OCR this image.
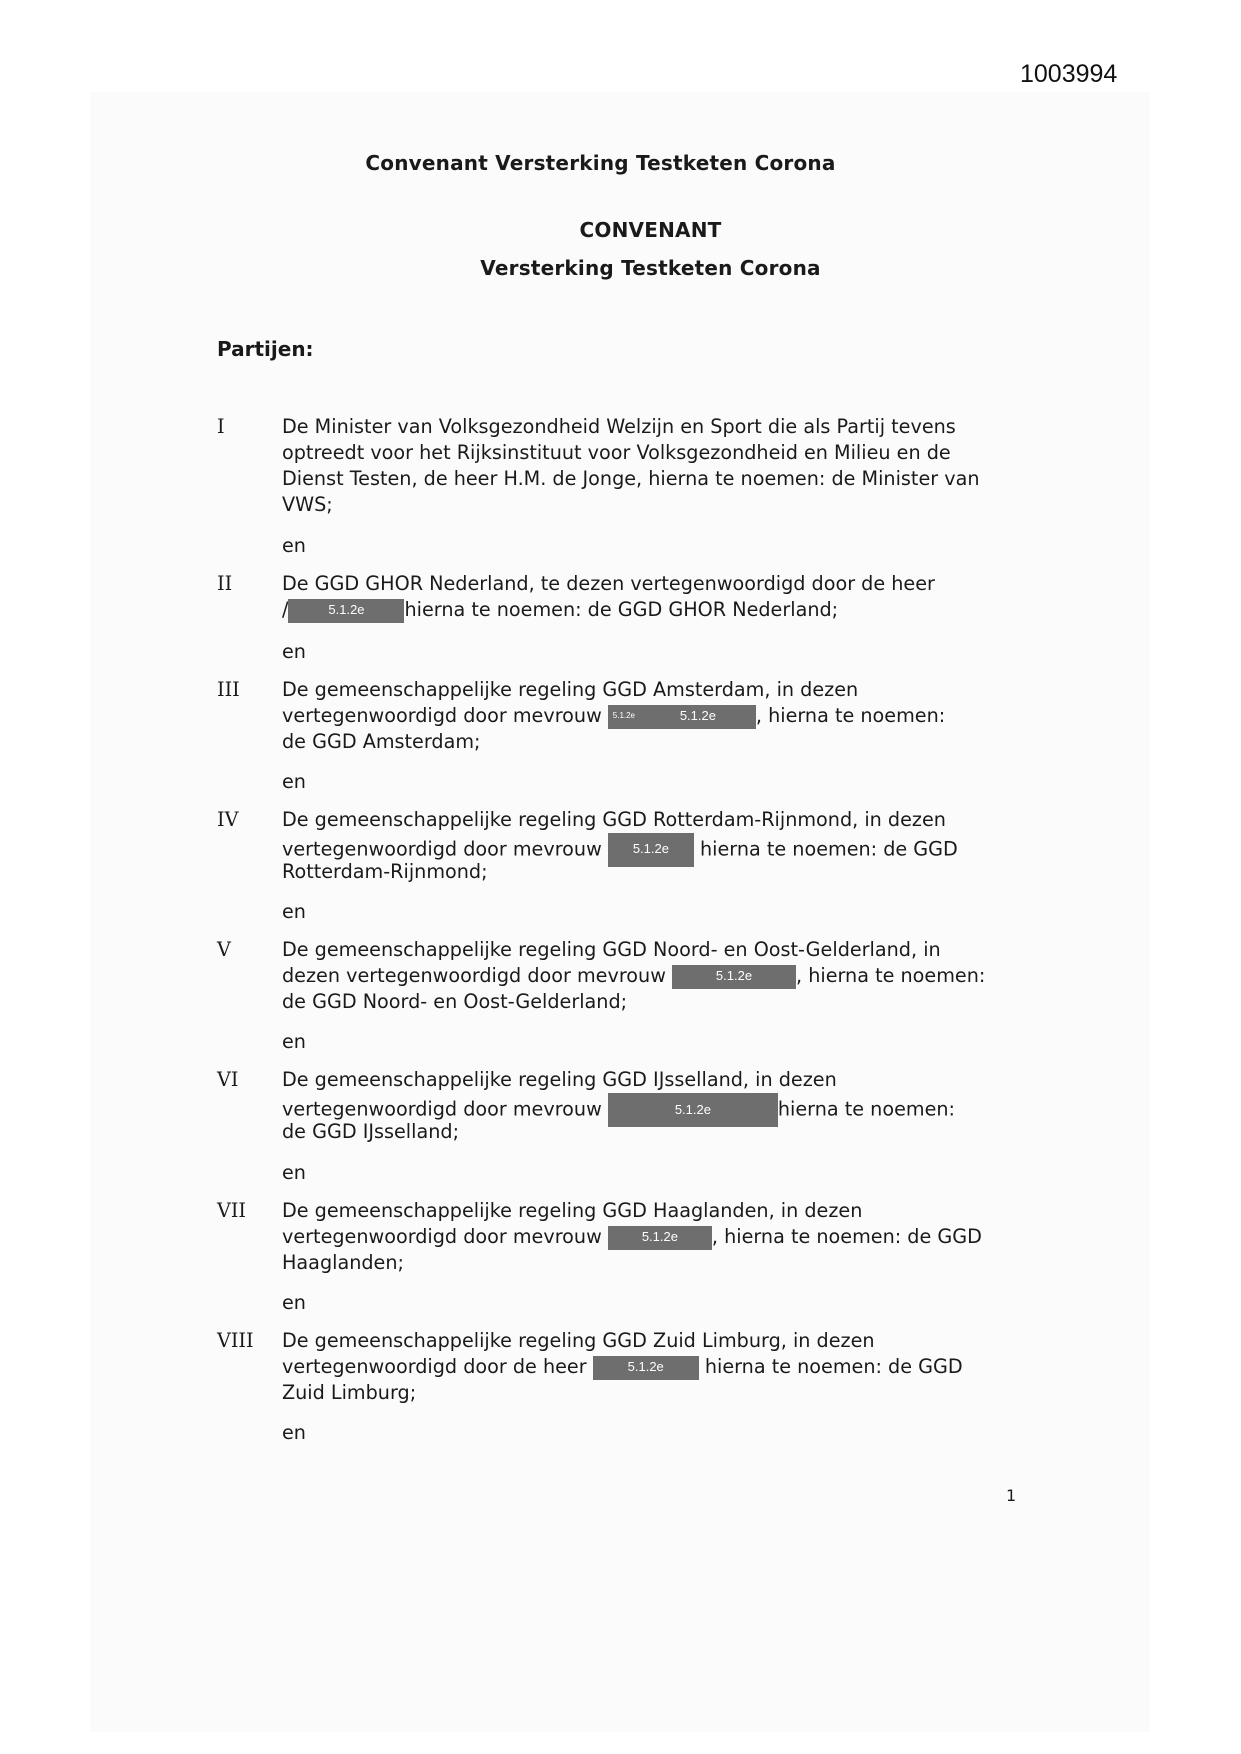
1003994
Convenant Versterking Testketen Corona
CONVENANT
Versterking Testketen Corona
Partijen:
I	De Minister van Volksgezondheid Welzijn en Sport die als Partij tevens
optreedt voor het Rijksinstituut voor Volksgezondheid en Milieu en de
Dienst Testen, de heer H.M. de Jonge, hierna te noemen: de Minister van
VWS;
en
II	De GGD GHOR Nederland, te dezen vertegenwoordigd door de heer
/	5.1.2e hierna te noemen: de GGD GHOR Nederland;
en
III De gemeenschappelijke regeling GGD Amsterdam, in dezen
vertegenwoordigd door mevrouw 5.1.2e	5.1.2e , hierna te noemen:
de GGD Amsterdam;
en
IV De gemeenschappelijke regeling GGD Rotterdam-Rijnmond, in dezen
vertegenwoordigd door mevrouw 5.1.2e hierna te noemen: de GGD
Rotterdam-Rijnmond;
en
V	De gemeenschappelijke regeling GGD Noord- en Oost-Gelderland, in
dezen vertegenwoordigd door mevrouw	5.1.2e , hierna te noemen:
de GGD Noord- en Oost-Gelderland;
en
VI De gemeenschappelijke regeling GGD IJsselland, in dezen
vertegenwoordigd door mevrouw	5.1.2e	hierna te noemen:
de GGD IJsselland;
en
VII De gemeenschappelijke regeling GGD Haaglanden, in dezen
vertegenwoordigd door mevrouw	5.1.2e , hierna te noemen: de GGD
Haaglanden;
en
VIII De gemeenschappelijke regeling GGD Zuid Limburg, in dezen
vertegenwoordigd door de heer	5.1.2e hierna te noemen: de GGD
Zuid Limburg;
en
1
